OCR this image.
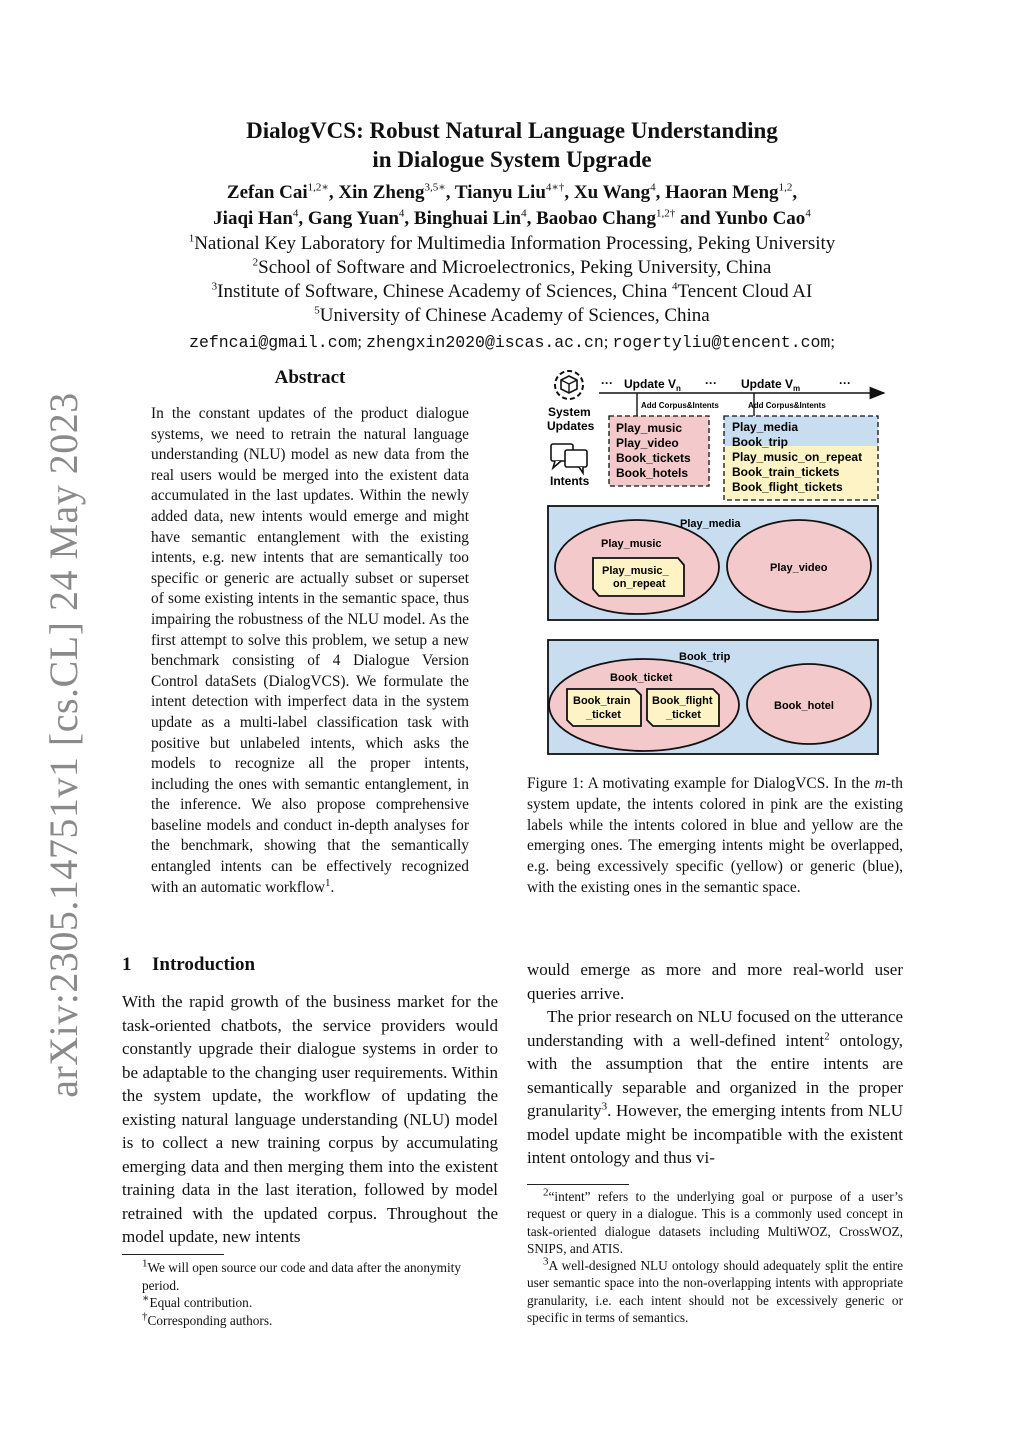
arXiv:2305.14751v1 [cs.CL] 24 May 2023

DialogVCS: Robust Natural Language Understanding

in Dialogue System Upgrade

Zefan Cai$^{1,2∗}$, Xin Zheng$^{3,5∗}$, Tianyu Liu$^{4∗\dagger}$, Xu Wang$^4$, Haoran Meng$^{1,2}$,
Jiaqi Han$^4$, Gang Yuan$^4$, Binghuai Lin$^4$, Baobao Chang$^{1,2\dagger}$ and Yunbo Cao$^4$
$^1$National Key Laboratory for Multimedia Information Processing, Peking University
$^2$School of Software and Microelectronics, Peking University, China
$^3$Institute of Software, Chinese Academy of Sciences, China $^4$Tencent Cloud AI
$^5$University of Chinese Academy of Sciences, China
zefncai@gmail.com; zhengxin2020@iscas.ac.cn; rogertyliu@tencent.com;
Abstract
In the constant updates of the product dialogue systems, we need to retrain the natural language understanding (NLU) model as new data from the real users would be merged into the existent data accumulated in the last updates. Within the newly added data, new intents would emerge and might have semantic entanglement with the existing intents, e.g. new intents that are semantically too specific or generic are actually subset or superset of some existing intents in the semantic space, thus impairing the robustness of the NLU model. As the first attempt to solve this problem, we setup a new benchmark consisting of 4 Dialogue Version Control dataSets (DialogVCS). We formulate the intent detection with imperfect data in the system update as a multi-label classification task with positive but unlabeled intents, which asks the models to recognize all the proper intents, including the ones with semantic entanglement, in the inference. We also propose comprehensive baseline models and conduct in-depth analyses for the benchmark, showing that the semantically entangled intents can be effectively recognized with an automatic workflow$^1$.
1 Introduction
With the rapid growth of the business market for the task-oriented chatbots, the service providers would constantly upgrade their dialogue systems in order to be adaptable to the changing user requirements. Within the system update, the workflow of updating the existing natural language understanding (NLU) model is to collect a new training corpus by accumulating emerging data and then merging them into the existent training data in the last iteration, followed by model retrained with the updated corpus. Throughout the model update, new intents

$^1$We will open source our code and data after the anonymity period.

∗Equal contribution.

†Corresponding authors.

System
Updates
Intents
··· Update $V_n$ ··· Update $V_m$	···
Add Corpus&Intents	Add Corpus&Intents
Play_music
Play_video
Book_tickets
Book_hotels
Play_media
Book_trip
Play_music_on_repeat
Book_train_tickets
Book_flight_tickets
Play_media
Play_music
Play_music_
on_repeat
Play_video
Book_trip
Book_ticket
Book_train
_ticket
Book_flight
_ticket
Book_hotel
Figure 1: A motivating example for DialogVCS. In the m-th system update, the intents colored in pink are the existing labels while the intents colored in blue and yellow are the emerging ones. The emerging intents might be overlapped, e.g. being excessively specific (yellow) or generic (blue), with the existing ones in the semantic space.

would emerge as more and more real-world user queries arrive.

The prior research on NLU focused on the utterance understanding with a well-defined intent$^2$ ontology, with the assumption that the entire intents are semantically separable and organized in the proper granularity$^3$. However, the emerging intents from NLU model update might be incompatible with the existent intent ontology and thus vi-

$^2$“intent” refers to the underlying goal or purpose of a user’s request or query in a dialogue. This is a commonly used concept in task-oriented dialogue datasets including MultiWOZ, CrossWOZ, SNIPS, and ATIS.

$^3$A well-designed NLU ontology should adequately split the entire user semantic space into the non-overlapping intents with appropriate granularity, i.e. each intent should not be excessively generic or specific in terms of semantics.
